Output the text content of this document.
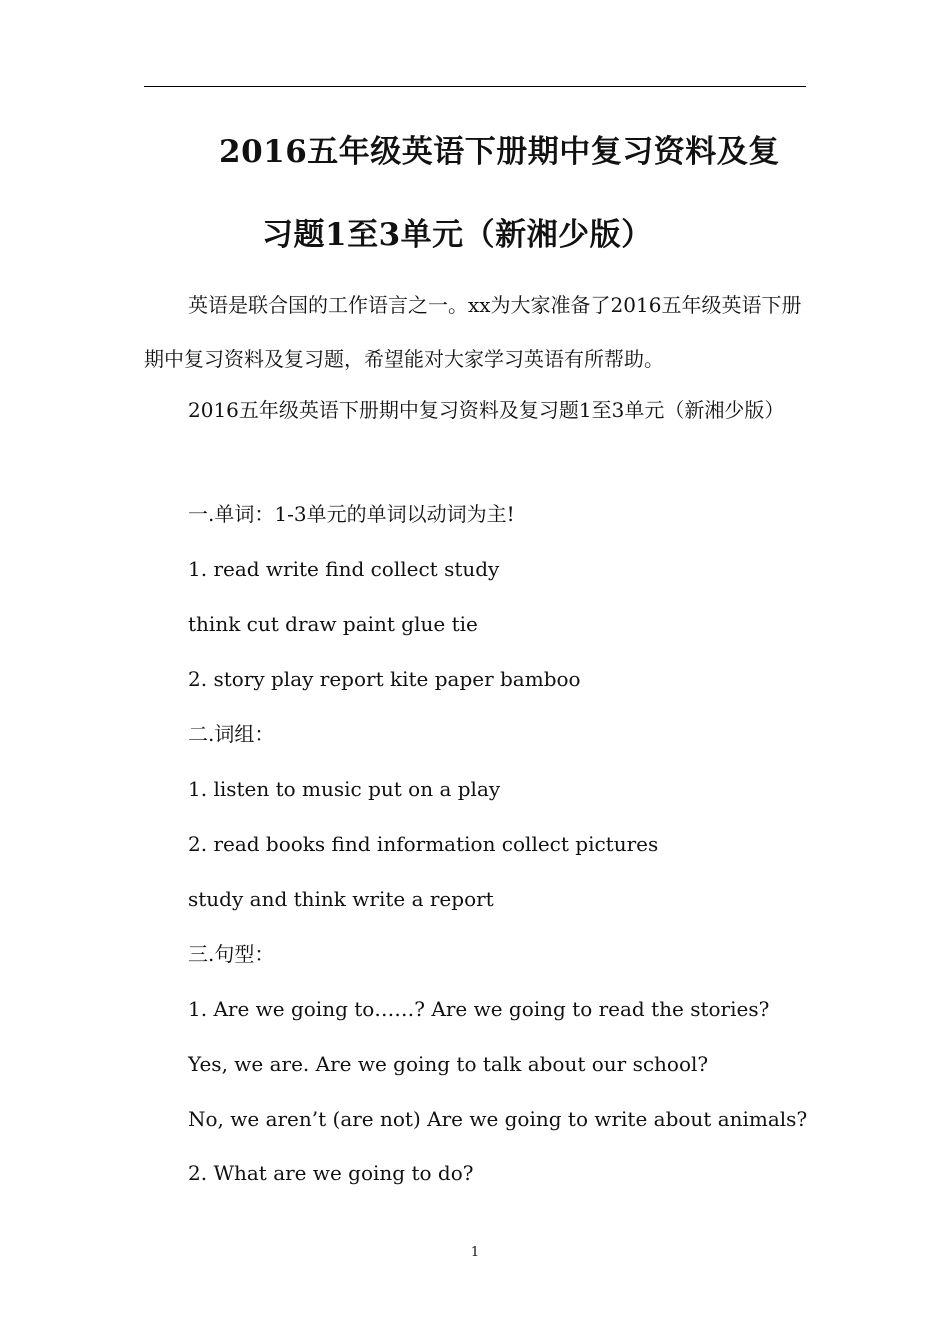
2016五年级英语下册期中复习资料及复
习题1至3单元（新湘少版）
英语是联合国的工作语言之一。xx为大家准备了2016五年级英语下册期中复习资料及复习题，希望能对大家学习英语有所帮助。
2016五年级英语下册期中复习资料及复习题1至3单元（新湘少版）
一.单词：1-3单元的单词以动词为主!
1. read write find collect study
think cut draw paint glue tie
2. story play report kite paper bamboo
二.词组：
1. listen to music put on a play
2. read books find information collect pictures
study and think write a report
三.句型：
1. Are we going to……? Are we going to read the stories?
Yes, we are. Are we going to talk about our school?
No, we aren’t (are not) Are we going to write about animals?
2. What are we going to do?
1
